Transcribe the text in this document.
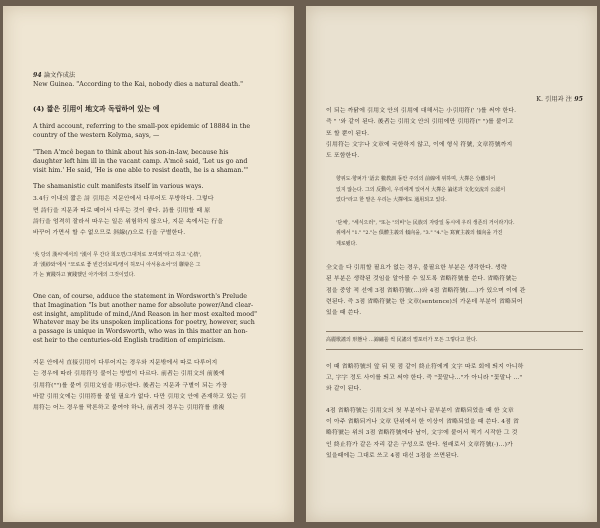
94 論文作成法

New Guinea. "According to the Kai, nobody dies a natural death."

(4) 짧은 引用이 地文과 독립하여 있는 예

A third account, referring to the small-pox epidemic of 18884 in the

country of the western Kolyma, says, —

"Then A'mcê began to think about his son-in-law, because his

daughter left him ill in the vacant camp. A'mcê said, 'Let us go and

visit him.' He said, 'He is one able to resist death, he is a shaman.'"

The shamanistic cult manifests itself in various ways.

3.4行 이내의 짧은 詩 引用은 지문안에서 다루어도 무방하다. 그렇다

면 詩行을 지문과 따로 떼어서 다루는 것이 좋다. 詩를 引用할 때 原

詩行을 엄격히 잘라서 따우는 일은 위험하지 않으나, 지문 속에서는 行을

바꾸어 가면서 할 수 없으므로 斜線(/)으로 行을 구별한다.

'吳 당의 漢씨'에서의 "漢이 무 간다 희오면/그대처로 모며뫼"라고 하고 '心情',

과 '漢紗와'에서 "모로로 좋 빈간의보며/영이 허모니 아서용소어"의 聯辯은 그

가 논 實踐하고 實踐했던 아가에의 그것이었다.

One can, of course, adduce the statement in Wordsworth's Prelude

that Imagination "Is but another name for absolute power/And clear-

est insight, amplitude of mind,/And Reason in her most exalted mood"

Whatever may be its unspoken implications for poetry, however, such

a passage is unique in Wordsworth, who was in this matter an hon-

est heir to the centuries-old English tradition of empiricism.

지문 안에서 直接引用이 다루어지는 경우와 지문밖에서 따로 다루어지

는 경우에 따라 引用符号 붙이는 방법이 다르다. 前者는 引用文의 前後에

引用符("")를 붙여 引用文임을 明示한다. 後者는 지문과 구별이 되는 가장

바깥 引用文에는 引用符를 붙일 필요가 없다. 다만 引用文 안에 존재하고 있는 引

用符는 어느 경우를 막론하고 붙여야 하나, 前者의 경우는 引用符를 重複

K. 引用과 注 95

이 되는 까닭에 引用文 안의 引用에 대해서는 小引用符(' ')를 써야 한다.

즉 " '와 같이 된다. 後者는 引用文 안의 引用에만 引用符(" ")를 붙이고

또 할 뿐이 된다.

引用符는 文字나 文章에 국한하지 않고, 이에 형식 符號, 文章符號까지

도 포함한다.

향위도·향퍼가 '語去 數教訓 동안 주의의 前線에 위하며, 大擇은 分離되어

있지 않는다. 그의 反動이, 우리에게 있어서 大擇은 論述과 文化交流의 公認이

었다"라고 한 말은 우리는 大擇에도 通用되고 있다.

'단체', "세식으러", "또는 "의비"는 民族의 자랑일 동시에 우리 생존의 거이라기다.

위에서 "1." "2."는 俱體主義의 傾向을, "3." "4."는 寫實主義의 傾向을 가진

계로됐다.

全文을 다 引用할 필요가 없는 경우, 불필요한 부분은 생각한다. 생략

된 부분은 생략된 것임을 알아볼 수 있도록 省略符號를 쓴다. 省略符號는

점을 중앙 적 선에 3점 省略符號(…)와 4점 省略符號(….)가 있으며 이에 관

련된다. 즉 3점 省略符號는 한 文章(sentence)의 가운데 부분이 省略되어

있을 때 쓴다.

高麗歌謠의 形態나 …錦繡를 씩 民謠의 벌포터가 모든 그렇다고 한다.

이 때 省略符號의 앞 뒤 및 점 같이 終止符에게 文字 따로 회에 띄지 아니하

고, 字字 정도 사이를 띄고 써야 한다. 즉 "꽃말나…"가 아니라 "꽃말나 …"

와 같이 된다.

4점 省略符號는 引用文의 첫 부분이나 끝부분이 省略되었을 때 한 文章

이 아주 省略되거나 文章 단위에서 한 이상이 省略되었을 때 쓴다. 4점 省

略符號는 위의 3점 省略符號에다 남이, 文字에 붙어서 찍기 시작한 그 것

인 終止符가 같은 자리 같은 구성으로 한다. 원래로서 文章符號(·)…)가

있을때에는 그대로 쓰고 4점 대신 3점을 쓰면된다.
